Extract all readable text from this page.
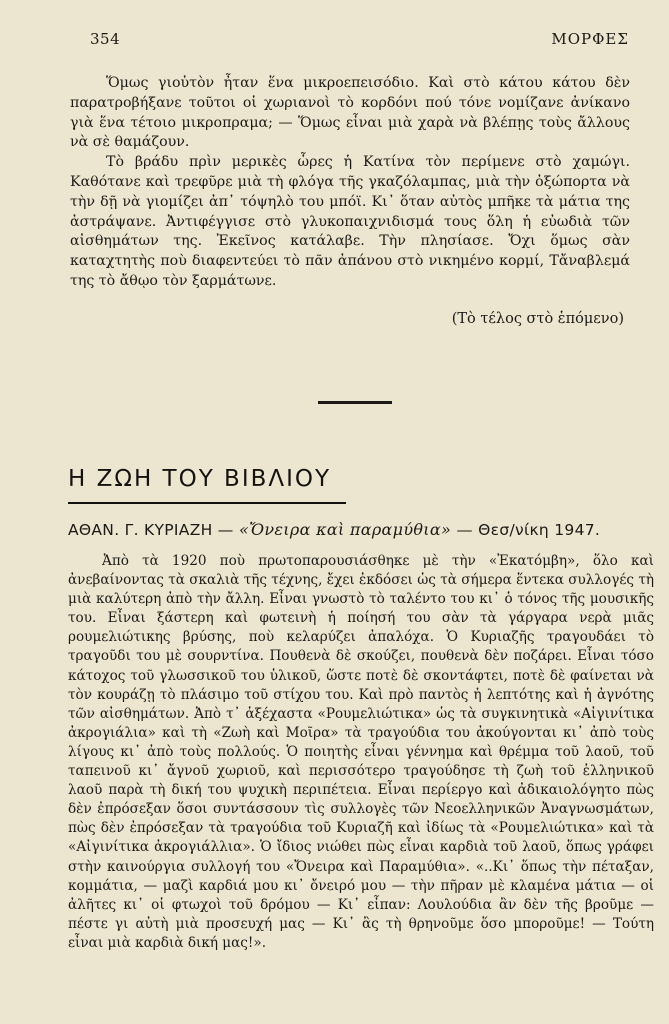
354	ΜΟΡΦΕΣ

Ὅμως γιοὐτὸν ἦταν ἕνα μικροεπεισόδιο. Καὶ στὸ κάτου κάτου δὲν παρατροβήξανε τοῦτοι οἱ χωριανοὶ τὸ κορδόνι πού τόνε νομίζανε ἀνίκανο γιὰ ἕνα τέτοιο μικροπραμα; — Ὅμως εἶναι μιὰ χαρὰ νὰ βλέπῃς τοὺς ἄλλους νὰ σὲ θαμάζουν.

Τὸ βράδυ πρὶν μερικὲς ὧρες ἡ Κατίνα τὸν περίμενε στὸ χαμώγι. Καθότανε καὶ τρεφῦρε μιὰ τὴ φλόγα τῆς γκαζόλαμπας, μιὰ τὴν ὀξώπορτα νὰ τὴν δῇ νὰ γιομίζει ἀπ᾽ τόψηλὸ του μπόϊ. Κι᾽ ὅταν αὐτὸς μπῆκε τὰ μάτια της ἀστράψανε. Ἀντιφέγγισε στὸ γλυκοπαιχνιδισμά τους ὅλη ἡ εὐωδιὰ τῶν αἰσθημάτων της. Ἐκεῖνος κατάλαβε. Τὴν πλησίασε. Ὄχι ὅμως σὰν καταχτητὴς ποὺ διαφεντεύει τὸ πᾶν ἀπάνου στὸ νικημένο κορμί, Τἄναβλεμά της τὸ ἄθῳο τὸν ξαρμάτωνε.

(Τὸ τέλος στὸ ἑπόμενο)
Η ΖΩΗ ΤΟΥ ΒΙΒΛΙΟΥ
ΑΘΑΝ. Γ. ΚΥΡΙΑΖΗ — «Ὄνειρα καὶ παραμύθια» — Θεσ/νίκη 1947.

Ἀπὸ τὰ 1920 ποὺ πρωτοπαρουσιάσθηκε μὲ τὴν «Ἐκατόμβη», ὅλο καὶ ἀνεβαίνοντας τὰ σκαλιὰ τῆς τέχνης, ἔχει ἐκδόσει ὡς τὰ σήμερα ἕντεκα συλλογές τὴ μιὰ καλύτερη ἀπὸ τὴν ἄλλη. Εἶναι γνωστὸ τὸ ταλέντο του κι᾽ ὁ τόνος τῆς μουσικῆς του. Εἶναι ξάστερη καὶ φωτεινὴ ἡ ποίησή του σὰν τὰ γάργαρα νερὰ μιᾶς ρουμελιώτικης βρύσης, ποὺ κελαρύζει ἀπαλόχα. Ὁ Κυριαζῆς τραγουδάει τὸ τραγοῦδι του μὲ σουρντίνα. Πουθενὰ δὲ σκούζει, πουθενὰ δὲν ποζάρει. Εἶναι τόσο κάτοχος τοῦ γλωσσικοῦ του ὑλικοῦ, ὥστε ποτὲ δὲ σκοντάφτει, ποτὲ δὲ φαίνεται νὰ τὸν κουράζῃ τὸ πλάσιμο τοῦ στίχου του. Καὶ πρὸ παντὸς ἡ λεπτότης καὶ ἡ ἀγνότης τῶν αἰσθημάτων. Ἀπὸ τ᾽ ἀξέχαστα «Ρουμελιώτικα» ὡς τὰ συγκινητικὰ «Αἰγινίτικα ἀκρογιάλια» καὶ τὴ «Ζωὴ καὶ Μοῖρα» τὰ τραγούδια του ἀκούγονται κι᾽ ἀπὸ τοὺς λίγους κι᾽ ἀπὸ τοὺς πολλούς. Ὁ ποιητὴς εἶναι γέννημα καὶ θρέμμα τοῦ λαοῦ, τοῦ ταπεινοῦ κι᾽ ἄγνοῦ χωριοῦ, καὶ περισσότερο τραγούδησε τὴ ζωὴ τοῦ ἑλληνικοῦ λαοῦ παρὰ τὴ δική του ψυχικὴ περιπέτεια. Εἶναι περίεργο καὶ ἀδικαιολόγητο πὼς δὲν ἐπρόσεξαν ὅσοι συντάσσουν τὶς συλλογὲς τῶν Νεοελληνικῶν Ἀναγνωσμάτων, πὼς δὲν ἐπρόσεξαν τὰ τραγούδια τοῦ Κυριαζῆ καὶ ἰδίως τὰ «Ρουμελιώτικα» καὶ τὰ «Αἰγινίτικα ἀκρογιάλλια». Ὁ ἴδιος νιώθει πὼς εἶναι καρδιὰ τοῦ λαοῦ, ὅπως γράφει στὴν καινούργια συλλογή του «Ὄνειρα καὶ Παραμύθια». «..Κι᾽ ὅπως τὴν πέταξαν, κομμάτια, — μαζὶ καρδιά μου κι᾽ ὄνειρό μου — τὴν πῆραν μὲ κλαμένα μάτια — οἱ ἀλῆτες κι᾽ οἱ φτωχοὶ τοῦ δρόμου — Κι᾽ εἶπαν: Λουλούδια ἂν δὲν τῆς βροῦμε — πέστε γι αὐτὴ μιὰ προσευχή μας — Κι᾽ ἂς τὴ θρηνοῦμε ὅσο μποροῦμε! — Τούτη εἶναι μιὰ καρδιὰ δική μας!».
